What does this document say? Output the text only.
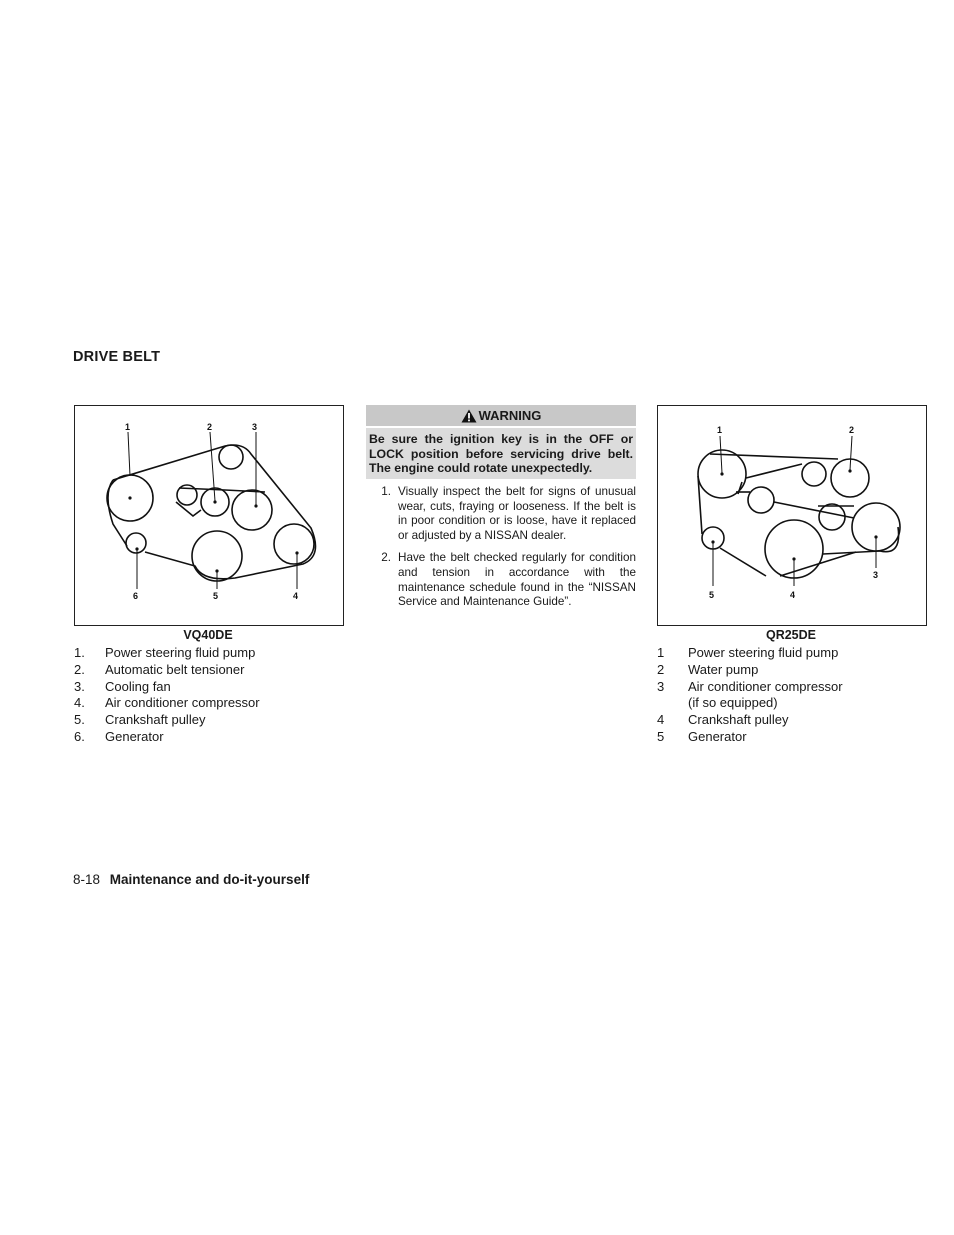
DRIVE BELT
1	2	3
4
5
6
VQ40DE
1.	Power steering fluid pump
2.	Automatic belt tensioner
3.	Cooling fan
4.	Air conditioner compressor
5.	Crankshaft pulley
6.	Generator
WARNING
Be sure the ignition key is in the OFF or LOCK position before servicing drive belt. The engine could rotate unexpectedly.
1. Visually inspect the belt for signs of unusual wear, cuts, fraying or looseness. If the belt is in poor condition or is loose, have it replaced or adjusted by a NISSAN dealer.
2. Have the belt checked regularly for condition and tension in accordance with the maintenance schedule found in the “NISSAN Service and Maintenance Guide”.
1	2
3
4
5
QR25DE
1	Power steering fluid pump
2	Water pump
3	Air conditioner compressor
(if so equipped)
4	Crankshaft pulley
5	Generator
8-18 Maintenance and do-it-yourself
